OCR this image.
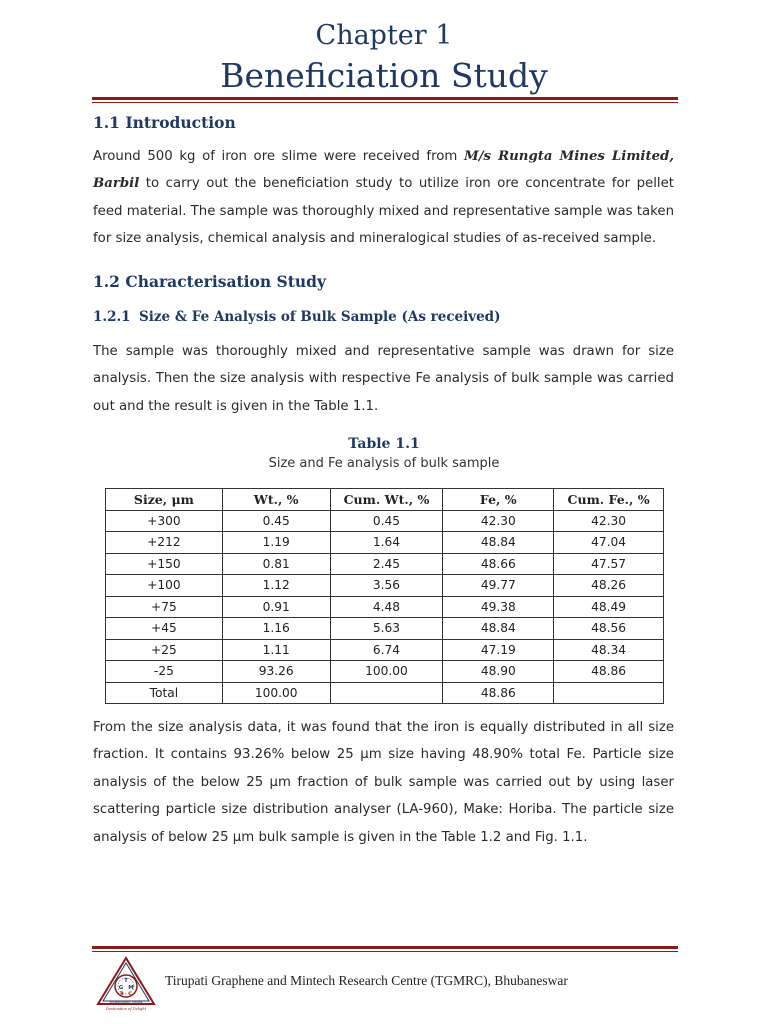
Chapter 1
Beneficiation Study
1.1 Introduction

Around 500 kg of iron ore slime were received from M/s Rungta Mines Limited, Barbil to carry out the beneficiation study to utilize iron ore concentrate for pellet feed material. The sample was thoroughly mixed and representative sample was taken for size analysis, chemical analysis and mineralogical studies of as-received sample.

1.2 Characterisation Study
1.2.1 Size & Fe Analysis of Bulk Sample (As received)

The sample was thoroughly mixed and representative sample was drawn for size analysis. Then the size analysis with respective Fe analysis of bulk sample was carried out and the result is given in the Table 1.1.

Table 1.1
Size and Fe analysis of bulk sample
Size, μm	Wt., %	Cum. Wt., %	Fe, %	Cum. Fe., %
+300	0.45	0.45	42.30	42.30
+212	1.19	1.64	48.84	47.04
+150	0.81	2.45	48.66	47.57
+100	1.12	3.56	49.77	48.26
+75	0.91	4.48	49.38	48.49
+45	1.16	5.63	48.84	48.56
+25	1.11	6.74	47.19	48.34
-25	93.26	100.00	48.90	48.86
Total	100.00		48.86	

From the size analysis data, it was found that the iron is equally distributed in all size fraction. It contains 93.26% below 25 μm size having 48.90% total Fe. Particle size analysis of the below 25 μm fraction of bulk sample was carried out by using laser scattering particle size distribution analyser (LA-960), Make: Horiba. The particle size analysis of below 25 μm bulk sample is given in the Table 1.2 and Fig. 1.1.

T
G M
R C
Bhubaneswar, Odisha
Destination of Delight
Tirupati Graphene and Mintech Research Centre (TGMRC), Bhubaneswar
